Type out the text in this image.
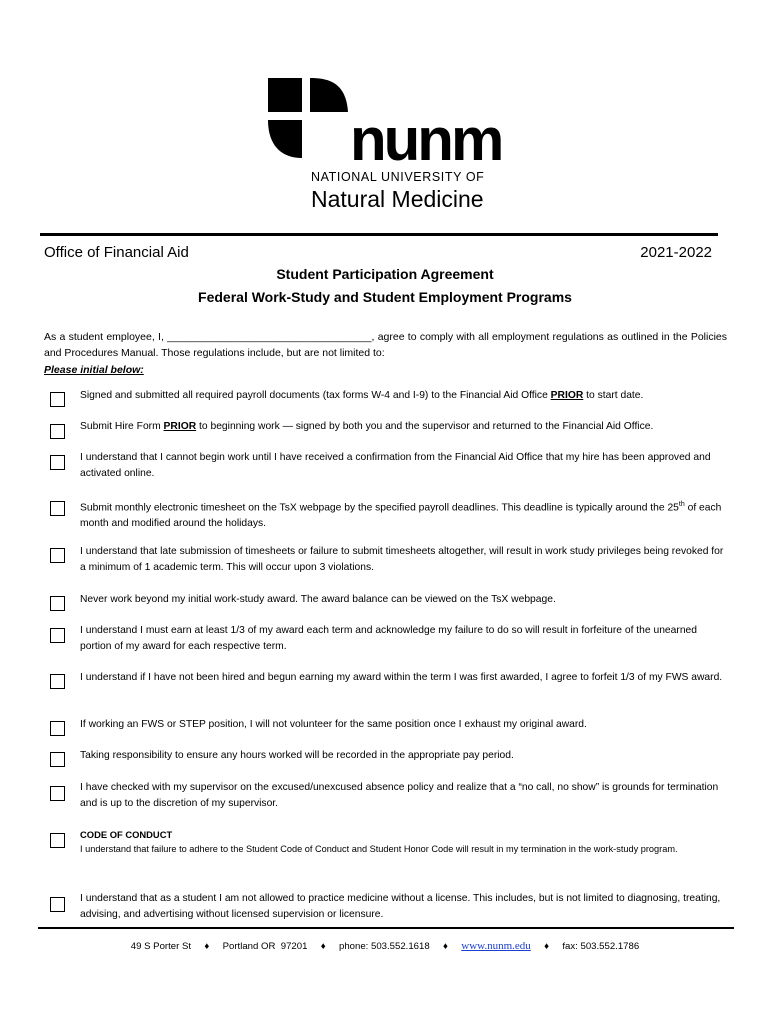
nunm
NATIONAL UNIVERSITY OF
Natural Medicine
Office of Financial Aid	2021-2022
Student Participation Agreement
Federal Work-Study and Student Employment Programs
As a student employee, I, ___________________________________, agree to comply with all employment regulations as outlined in the Policies and Procedures Manual. Those regulations include, but are not limited to:
Please initial below:
Signed and submitted all required payroll documents (tax forms W-4 and I-9) to the Financial Aid Office PRIOR to start date.
Submit Hire Form PRIOR to beginning work — signed by both you and the supervisor and returned to the Financial Aid Office.
I understand that I cannot begin work until I have received a confirmation from the Financial Aid Office that my hire has been approved and activated online.
Submit monthly electronic timesheet on the TsX webpage by the specified payroll deadlines. This deadline is typically around the 25th of each month and modified around the holidays.
I understand that late submission of timesheets or failure to submit timesheets altogether, will result in work study privileges being revoked for a minimum of 1 academic term. This will occur upon 3 violations.
Never work beyond my initial work-study award. The award balance can be viewed on the TsX webpage.
I understand I must earn at least 1/3 of my award each term and acknowledge my failure to do so will result in forfeiture of the unearned portion of my award for each respective term.
I understand if I have not been hired and begun earning my award within the term I was first awarded, I agree to forfeit 1/3 of my FWS award.
If working an FWS or STEP position, I will not volunteer for the same position once I exhaust my original award.
Taking responsibility to ensure any hours worked will be recorded in the appropriate pay period.
I have checked with my supervisor on the excused/unexcused absence policy and realize that a “no call, no show” is grounds for termination and is up to the discretion of my supervisor.
CODE OF CONDUCT
I understand that failure to adhere to the Student Code of Conduct and Student Honor Code will result in my termination in the work-study program.
I understand that as a student I am not allowed to practice medicine without a license. This includes, but is not limited to diagnosing, treating, advising, and advertising without licensed supervision or licensure.
49 S Porter St ♦ Portland OR  97201 ♦ phone: 503.552.1618 ♦ www.nunm.edu ♦ fax: 503.552.1786
